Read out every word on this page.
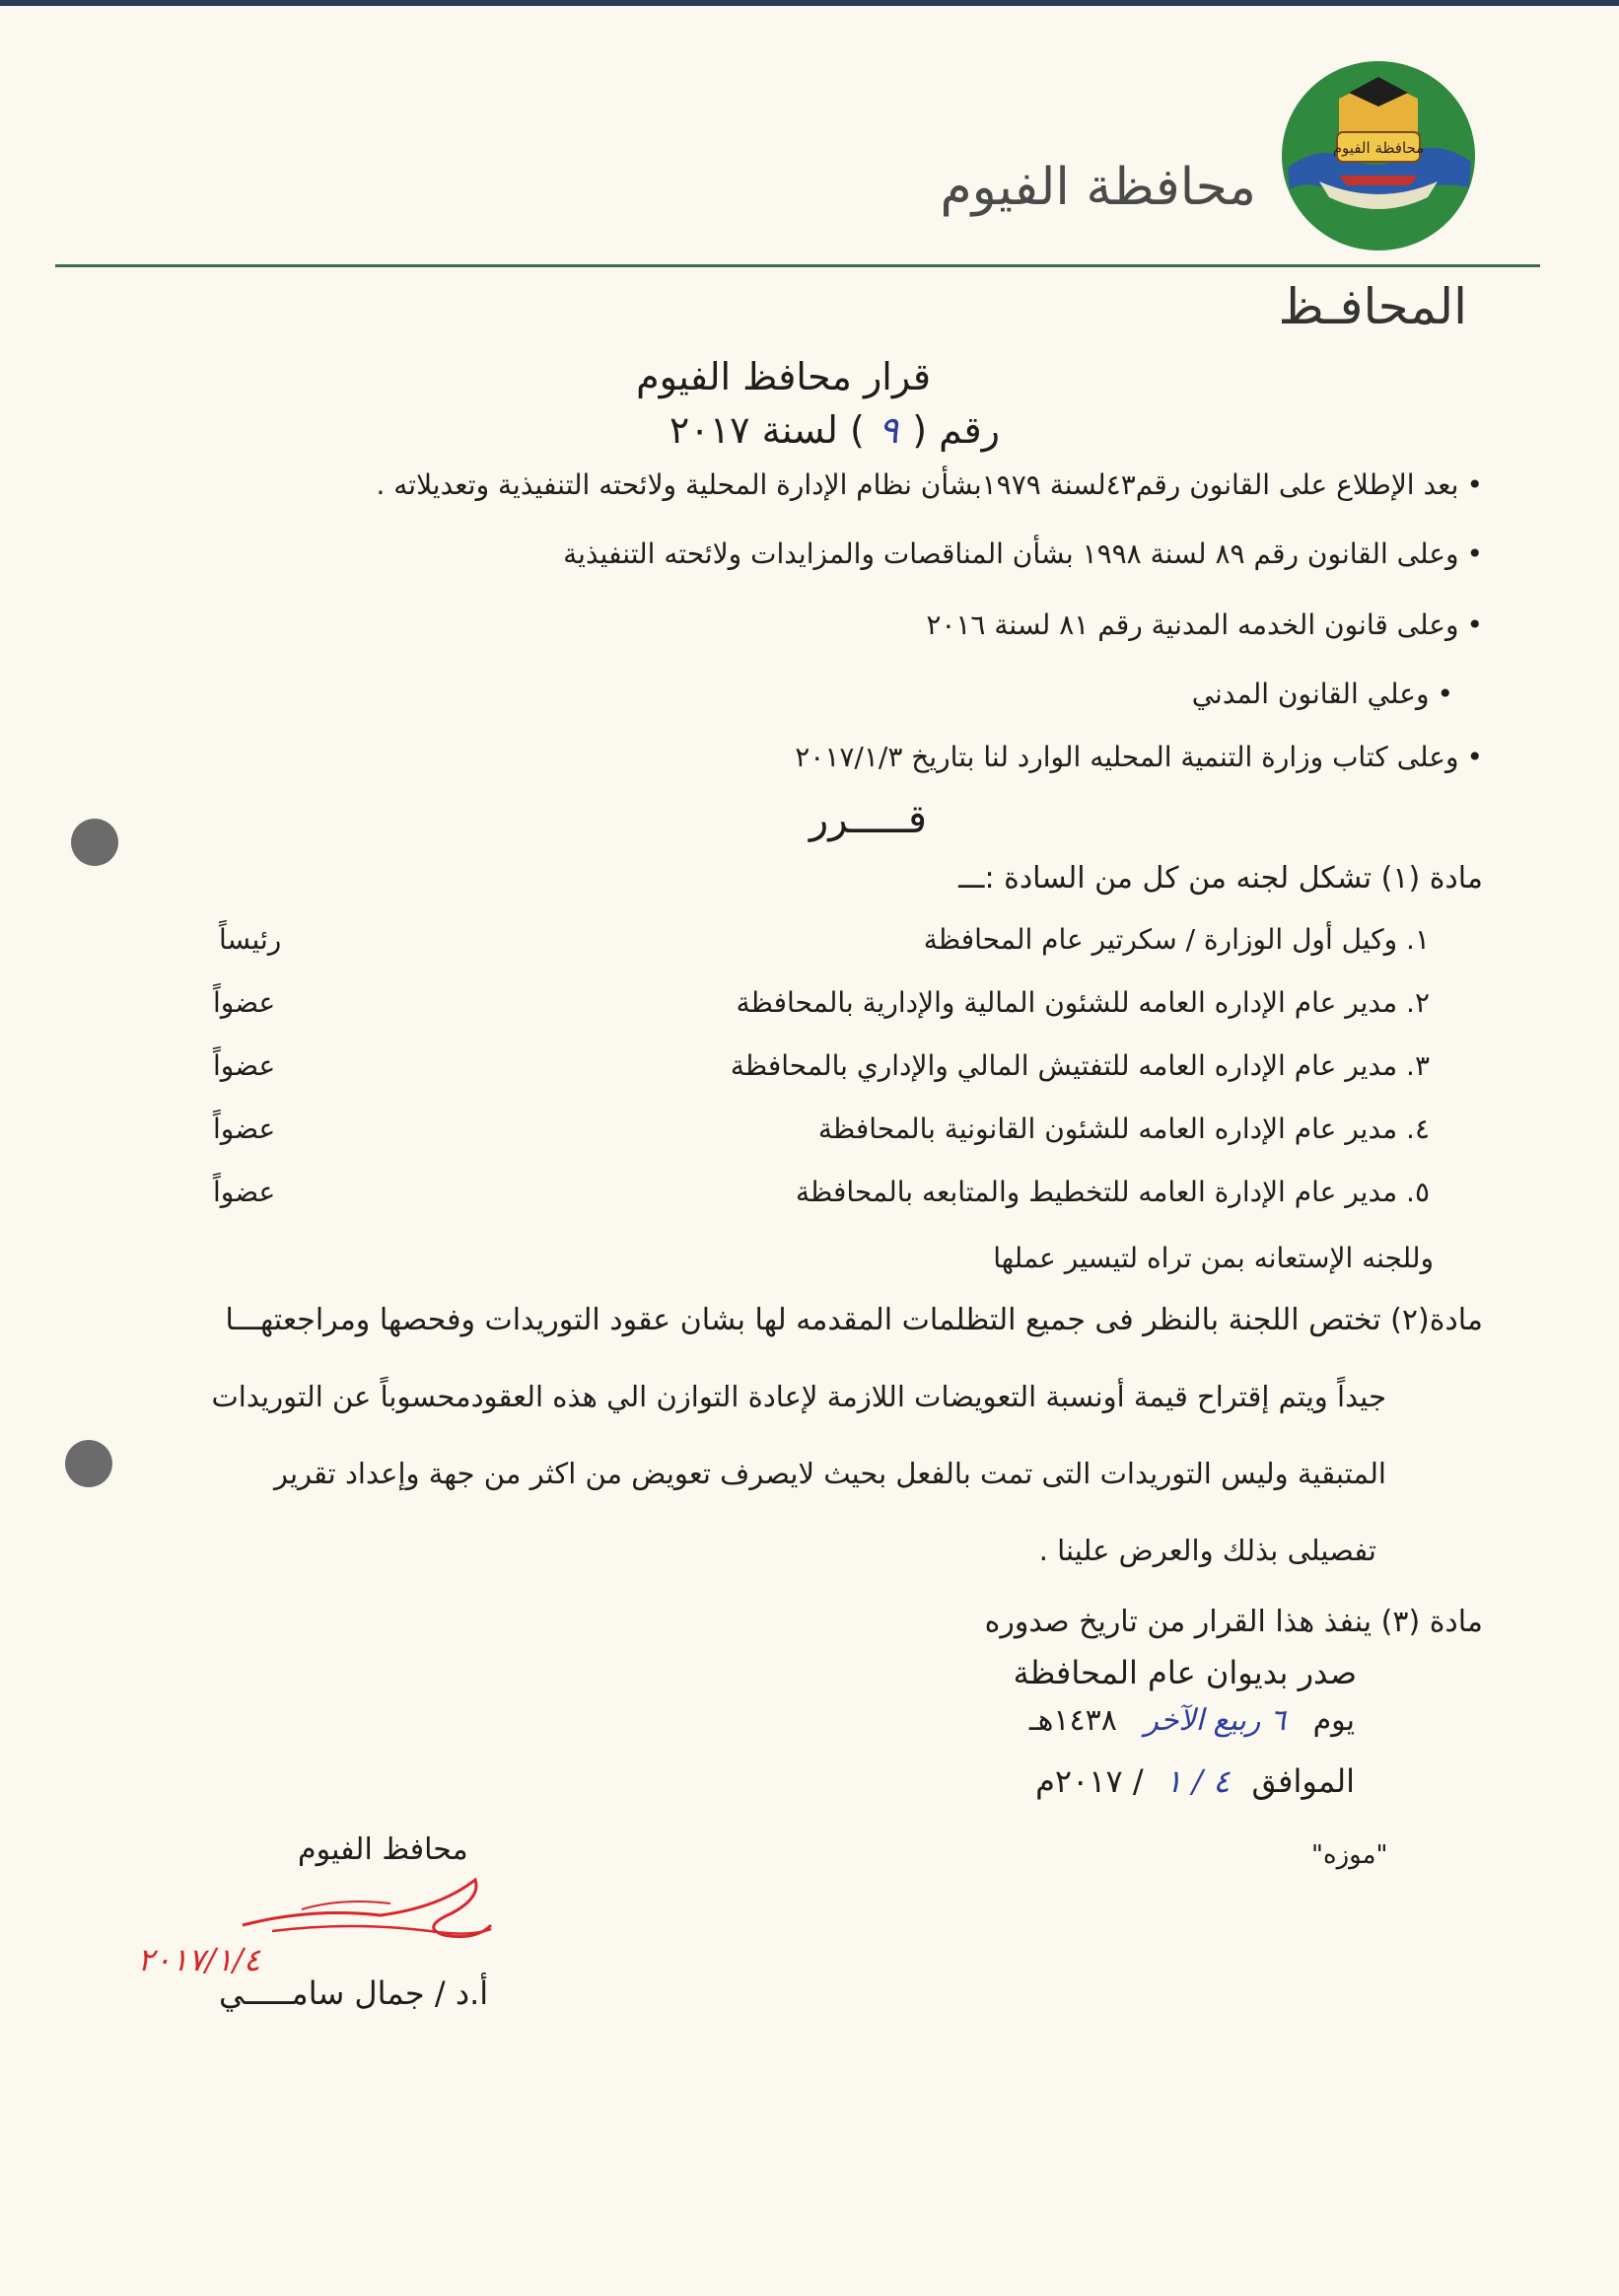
محافظة الفيوم
محافظة الفيوم
المحافـظ
قرار محافظ الفيوم
رقم (٩) لسنة ٢٠١٧
• بعد الإطلاع على القانون رقم٤٣لسنة ١٩٧٩بشأن نظام الإدارة المحلية ولائحته التنفيذية وتعديلاته .
• وعلى القانون رقم ٨٩ لسنة ١٩٩٨ بشأن المناقصات والمزايدات ولائحته التنفيذية
• وعلى قانون الخدمه المدنية رقم ٨١ لسنة ٢٠١٦
• وعلي القانون المدني
• وعلى كتاب وزارة التنمية المحليه الوارد لنا بتاريخ ٢٠١٧/١/٣
قـــــرر
مادة (١) تشكل لجنه من كل من السادة :ـــ
١. وكيل أول الوزارة / سكرتير عام المحافظة
رئيساً
٢. مدير عام الإداره العامه للشئون المالية والإدارية بالمحافظة
عضواً
٣. مدير عام الإداره العامه للتفتيش المالي والإداري بالمحافظة
عضواً
٤. مدير عام الإداره العامه للشئون القانونية بالمحافظة
عضواً
٥. مدير عام الإدارة العامه للتخطيط والمتابعه بالمحافظة
عضواً
وللجنه الإستعانه بمن تراه لتيسير عملها
مادة(٢) تختص اللجنة بالنظر فى جميع التظلمات المقدمه لها بشان عقود التوريدات وفحصها ومراجعتهـــا
جيداً ويتم إقتراح قيمة أونسبة التعويضات اللازمة لإعادة التوازن الي هذه العقودمحسوباً عن التوريدات
المتبقية وليس التوريدات التى تمت بالفعل بحيث لايصرف تعويض من اكثر من جهة وإعداد تقرير
تفصيلى بذلك والعرض علينا .
مادة (٣) ينفذ هذا القرار من تاريخ صدوره
صدر بديوان عام المحافظة
يوم ٦ ربيع الآخر ١٤٣٨هـ
الموافق ٤ / ١ / ٢٠١٧م
"موزه"
محافظ الفيوم
٢٠١٧/١/٤
أ.د / جمال سامـــــي
